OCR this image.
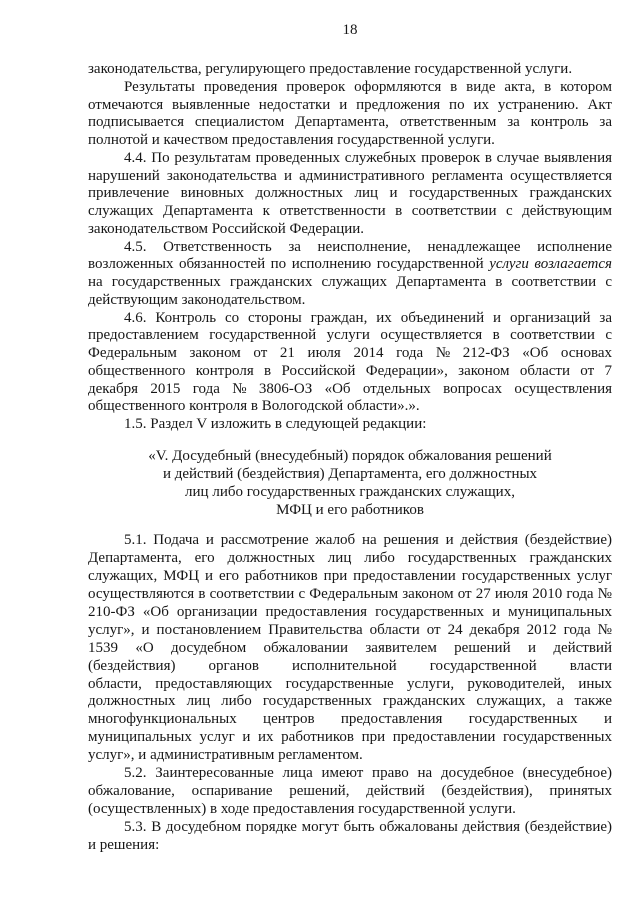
18
законодательства, регулирующего предоставление государственной услуги.
Результаты проведения проверок оформляются в виде акта, в котором
отмечаются выявленные недостатки и предложения по их устранению. Акт
подписывается специалистом Департамента, ответственным за контроль за
полнотой и качеством предоставления государственной услуги.
4.4. По результатам проведенных служебных проверок в случае выявления
нарушений законодательства и административного регламента осуществляется
привлечение виновных должностных лиц и государственных гражданских
служащих Департамента к ответственности в соответствии с действующим
законодательством Российской Федерации.
4.5. Ответственность за неисполнение, ненадлежащее исполнение
возложенных обязанностей по исполнению государственной услуги возлагается
на государственных гражданских служащих Департамента в соответствии с
действующим законодательством.
4.6. Контроль со стороны граждан, их объединений и организаций за
предоставлением государственной услуги осуществляется в соответствии с
Федеральным законом от 21 июля 2014 года № 212-ФЗ «Об основах
общественного контроля в Российской Федерации», законом области от 7
декабря 2015 года № 3806-ОЗ «Об отдельных вопросах осуществления
общественного контроля в Вологодской области».».
1.5. Раздел V изложить в следующей редакции:
«V. Досудебный (внесудебный) порядок обжалования решений
и действий (бездействия) Департамента, его должностных
лиц либо государственных гражданских служащих,
МФЦ и его работников
5.1. Подача и рассмотрение жалоб на решения и действия (бездействие)
Департамента, его должностных лиц либо государственных гражданских
служащих, МФЦ и его работников при предоставлении государственных услуг
осуществляются в соответствии с Федеральным законом от 27 июля 2010 года №
210-ФЗ «Об организации предоставления государственных и муниципальных
услуг», и постановлением Правительства области от 24 декабря 2012 года №
1539 «О досудебном обжаловании заявителем решений и действий
(бездействия) органов исполнительной государственной власти
области, предоставляющих государственные услуги, руководителей, иных
должностных лиц либо государственных гражданских служащих, а также
многофункциональных центров предоставления государственных и
муниципальных услуг и их работников при предоставлении государственных
услуг», и административным регламентом.
5.2. Заинтересованные лица имеют право на досудебное (внесудебное)
обжалование, оспаривание решений, действий (бездействия), принятых
(осуществленных) в ходе предоставления государственной услуги.
5.3. В досудебном порядке могут быть обжалованы действия (бездействие)
и решения:
